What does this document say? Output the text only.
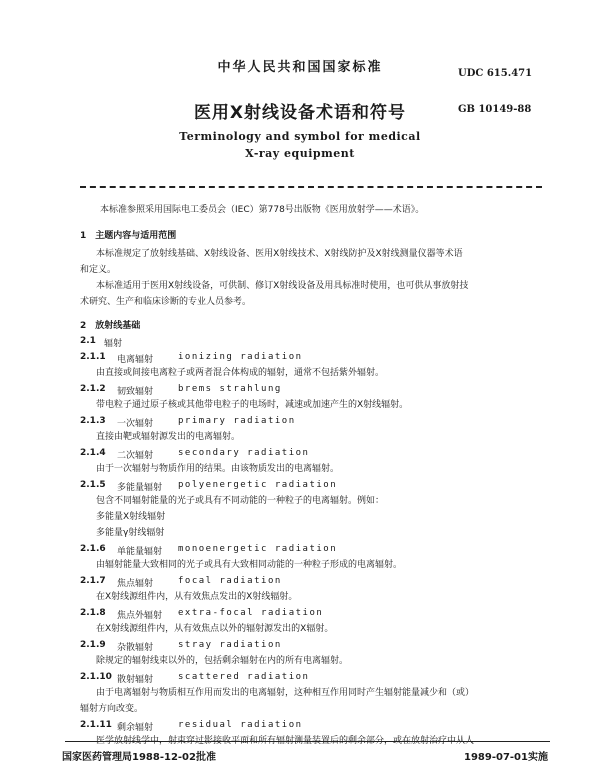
中华人民共和国国家标准	UDC 615.471
医用X射线设备术语和符号	GB 10149-88
Terminology and symbol for medical
X-ray equipment
本标准参照采用国际电工委员会（IEC）第778号出版物《医用放射学——术语》。
1　主题内容与适用范围
本标准规定了放射线基础、X射线设备、医用X射线技术、X射线防护及X射线测量仪器等术语
和定义。
本标准适用于医用X射线设备，可供制、修订X射线设备及用具标准时使用，也可供从事放射技
术研究、生产和临床诊断的专业人员参考。
2　放射线基础
2.1 辐射
2.1.1 电离辐射	ionizing radiation
由直接或间接电离粒子或两者混合体构成的辐射，通常不包括紫外辐射。
2.1.2 韧致辐射	brems strahlung
带电粒子通过原子核或其他带电粒子的电场时，减速或加速产生的X射线辐射。
2.1.3 一次辐射	primary radiation
直接由靶或辐射源发出的电离辐射。
2.1.4 二次辐射	secondary radiation
由于一次辐射与物质作用的结果。由该物质发出的电离辐射。
2.1.5 多能量辐射 polyenergetic radiation
包含不同辐射能量的光子或具有不同动能的一种粒子的电离辐射。例如：
多能量X射线辐射
多能量γ射线辐射
2.1.6 单能量辐射 monoenergetic radiation
由辐射能量大致相同的光子或具有大致相同动能的一种粒子形成的电离辐射。
2.1.7 焦点辐射	focal radiation
在X射线源组件内，从有效焦点发出的X射线辐射。
2.1.8 焦点外辐射 extra-focal radiation
在X射线源组件内，从有效焦点以外的辐射源发出的X辐射。
2.1.9 杂散辐射	stray radiation
除规定的辐射线束以外的，包括剩余辐射在内的所有电离辐射。
2.1.10 散射辐射	scattered radiation
由于电离辐射与物质相互作用而发出的电离辐射，这种相互作用同时产生辐射能量减少和（或）
辐射方向改变。
2.1.11 剩余辐射	residual radiation
医学放射线学中，射束穿过影接收平面和所有辐射测量装置后的剩余部分，或在放射治疗中从人
国家医药管理局1988-12-02批准	1989-07-01实施
